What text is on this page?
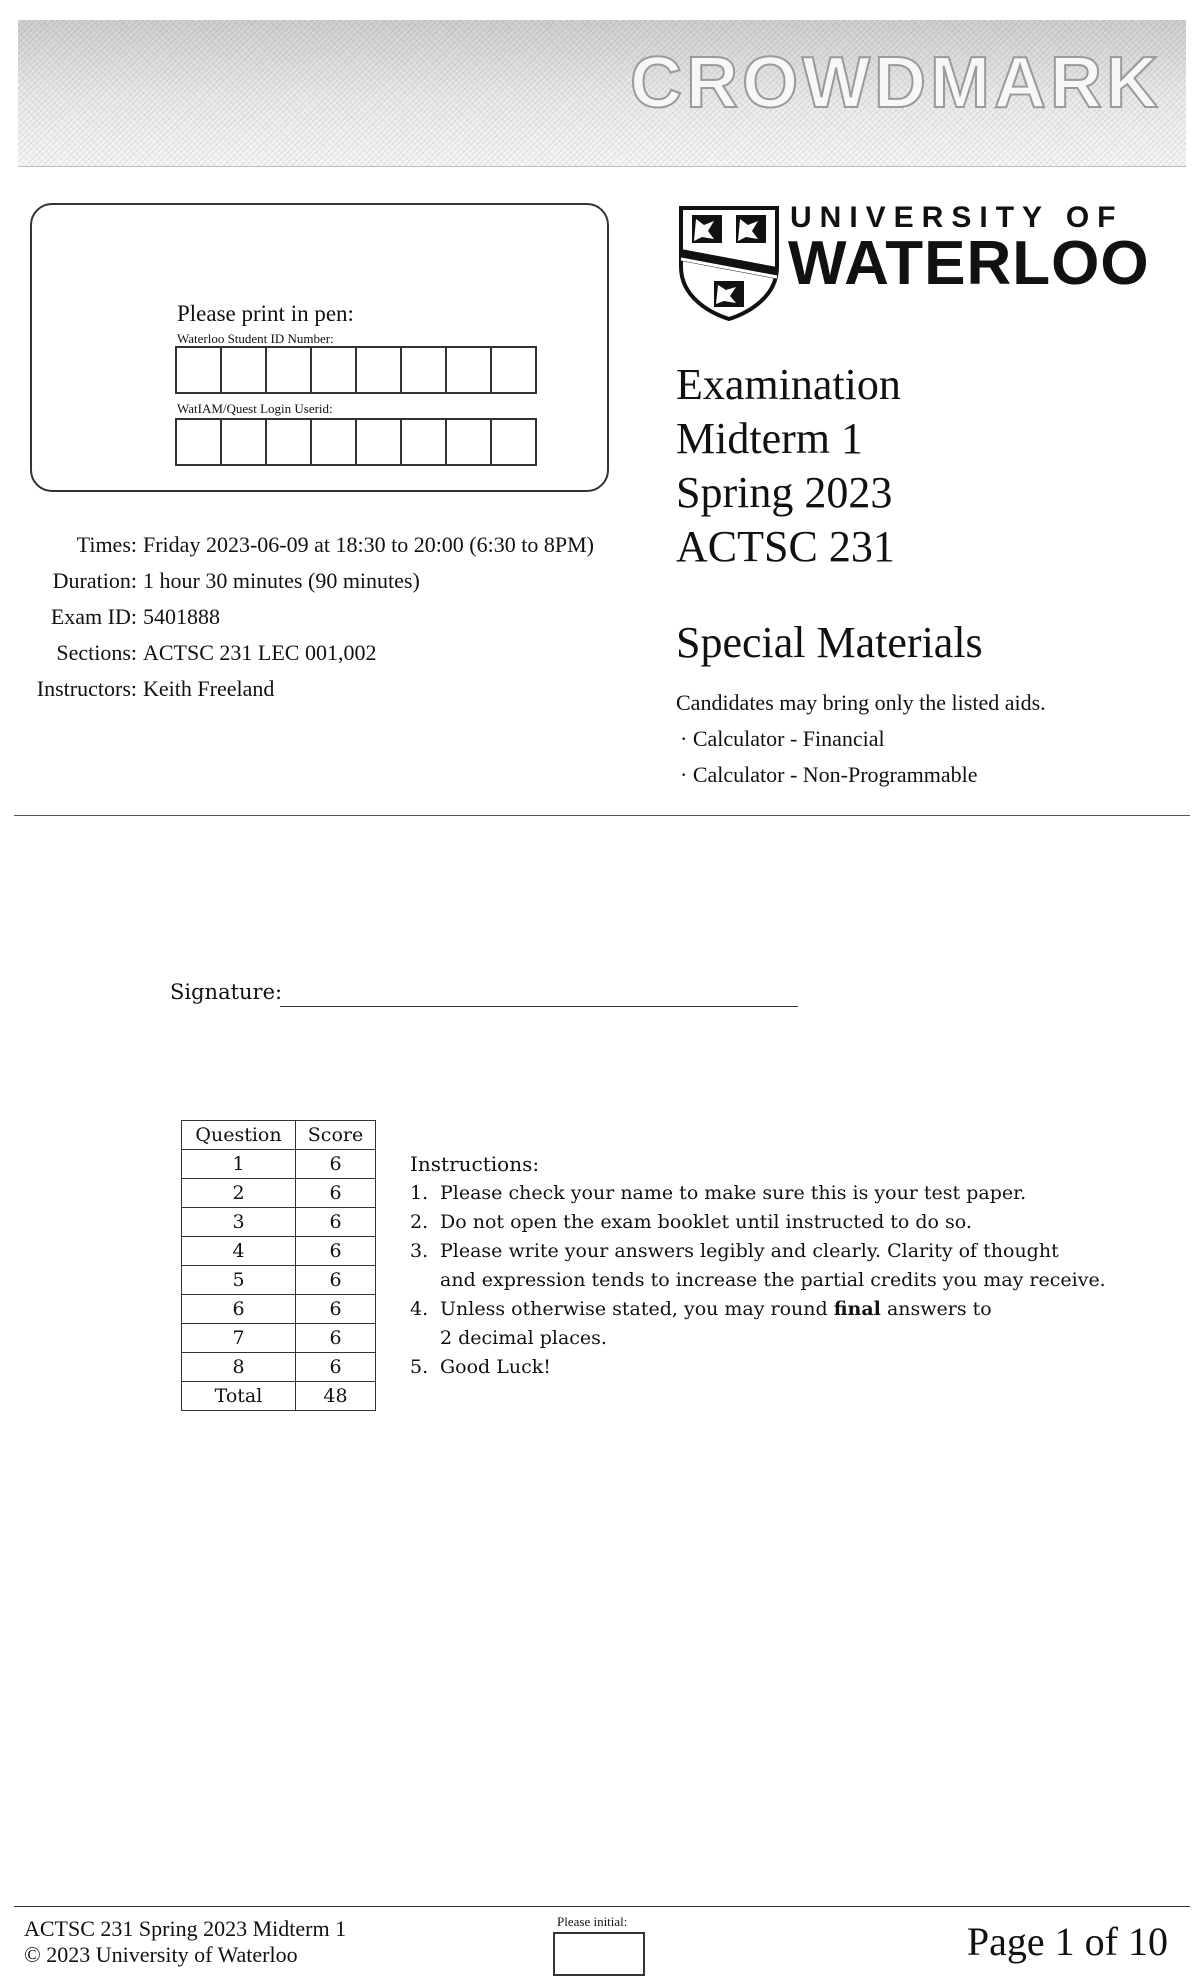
CROWDMARK
Please print in pen:
Waterloo Student ID Number:
WatIAM/Quest Login Userid:
Times: Friday 2023-06-09 at 18:30 to 20:00 (6:30 to 8PM)
Duration: 1 hour 30 minutes (90 minutes)
Exam ID: 5401888
Sections: ACTSC 231 LEC 001,002
Instructors: Keith Freeland
UNIVERSITY OF
WATERLOO
Examination
Midterm 1
Spring 2023
ACTSC 231
Special Materials
Candidates may bring only the listed aids.
· Calculator - Financial
· Calculator - Non-Programmable
Signature:
Question	Score
1	6
2	6
3	6
4	6
5	6
6	6
7	6
8	6
Total	48
Instructions:
1. Please check your name to make sure this is your test paper.
2. Do not open the exam booklet until instructed to do so.
3. Please write your answers legibly and clearly. Clarity of thought
and expression tends to increase the partial credits you may receive.
4. Unless otherwise stated, you may round final answers to
2 decimal places.
5. Good Luck!
ACTSC 231 Spring 2023 Midterm 1
© 2023 University of Waterloo
Please initial:	Page 1 of 10
